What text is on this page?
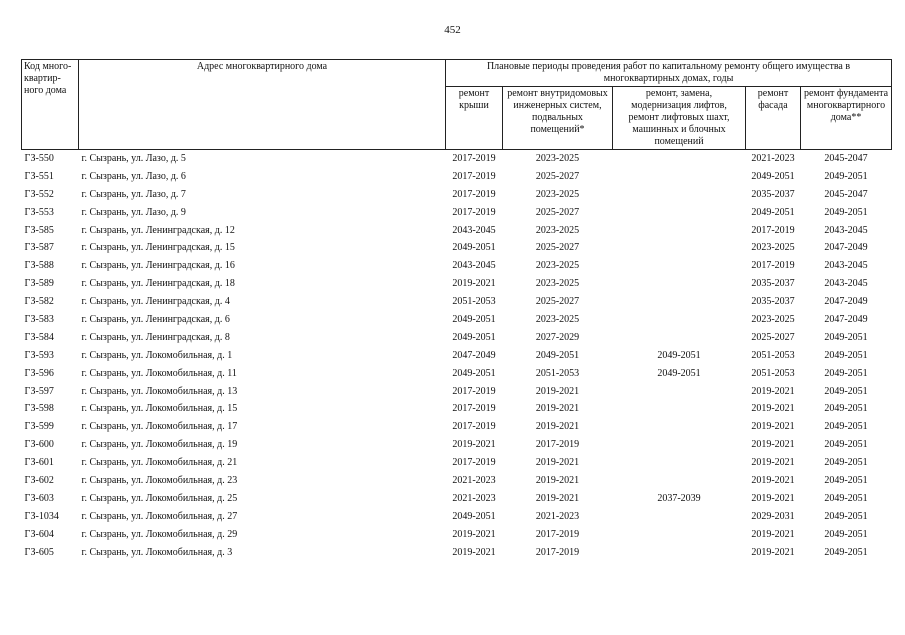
452
Код много-квартир-ного дома	Адрес многоквартирного дома	Плановые периоды проведения работ по капитальному ремонту общего имущества в многоквартирных домах, годы				
		ремонт крыши	ремонт внутридомовых инженерных систем, подвальных помещений*	ремонт, замена, модернизация лифтов, ремонт лифтовых шахт, машинных и блочных помещений	ремонт фасада	ремонт фундамента многоквартирного дома**
ГЗ-550	г. Сызрань, ул. Лазо, д. 5	2017-2019	2023-2025		2021-2023	2045-2047
ГЗ-551	г. Сызрань, ул. Лазо, д. 6	2017-2019	2025-2027		2049-2051	2049-2051
ГЗ-552	г. Сызрань, ул. Лазо, д. 7	2017-2019	2023-2025		2035-2037	2045-2047
ГЗ-553	г. Сызрань, ул. Лазо, д. 9	2017-2019	2025-2027		2049-2051	2049-2051
ГЗ-585	г. Сызрань, ул. Ленинградская, д. 12	2043-2045	2023-2025		2017-2019	2043-2045
ГЗ-587	г. Сызрань, ул. Ленинградская, д. 15	2049-2051	2025-2027		2023-2025	2047-2049
ГЗ-588	г. Сызрань, ул. Ленинградская, д. 16	2043-2045	2023-2025		2017-2019	2043-2045
ГЗ-589	г. Сызрань, ул. Ленинградская, д. 18	2019-2021	2023-2025		2035-2037	2043-2045
ГЗ-582	г. Сызрань, ул. Ленинградская, д. 4	2051-2053	2025-2027		2035-2037	2047-2049
ГЗ-583	г. Сызрань, ул. Ленинградская, д. 6	2049-2051	2023-2025		2023-2025	2047-2049
ГЗ-584	г. Сызрань, ул. Ленинградская, д. 8	2049-2051	2027-2029		2025-2027	2049-2051
ГЗ-593	г. Сызрань, ул. Локомобильная, д. 1	2047-2049	2049-2051	2049-2051	2051-2053	2049-2051
ГЗ-596	г. Сызрань, ул. Локомобильная, д. 11	2049-2051	2051-2053	2049-2051	2051-2053	2049-2051
ГЗ-597	г. Сызрань, ул. Локомобильная, д. 13	2017-2019	2019-2021		2019-2021	2049-2051
ГЗ-598	г. Сызрань, ул. Локомобильная, д. 15	2017-2019	2019-2021		2019-2021	2049-2051
ГЗ-599	г. Сызрань, ул. Локомобильная, д. 17	2017-2019	2019-2021		2019-2021	2049-2051
ГЗ-600	г. Сызрань, ул. Локомобильная, д. 19	2019-2021	2017-2019		2019-2021	2049-2051
ГЗ-601	г. Сызрань, ул. Локомобильная, д. 21	2017-2019	2019-2021		2019-2021	2049-2051
ГЗ-602	г. Сызрань, ул. Локомобильная, д. 23	2021-2023	2019-2021		2019-2021	2049-2051
ГЗ-603	г. Сызрань, ул. Локомобильная, д. 25	2021-2023	2019-2021	2037-2039	2019-2021	2049-2051
ГЗ-1034	г. Сызрань, ул. Локомобильная, д. 27	2049-2051	2021-2023		2029-2031	2049-2051
ГЗ-604	г. Сызрань, ул. Локомобильная, д. 29	2019-2021	2017-2019		2019-2021	2049-2051
ГЗ-605	г. Сызрань, ул. Локомобильная, д. 3	2019-2021	2017-2019		2019-2021	2049-2051
